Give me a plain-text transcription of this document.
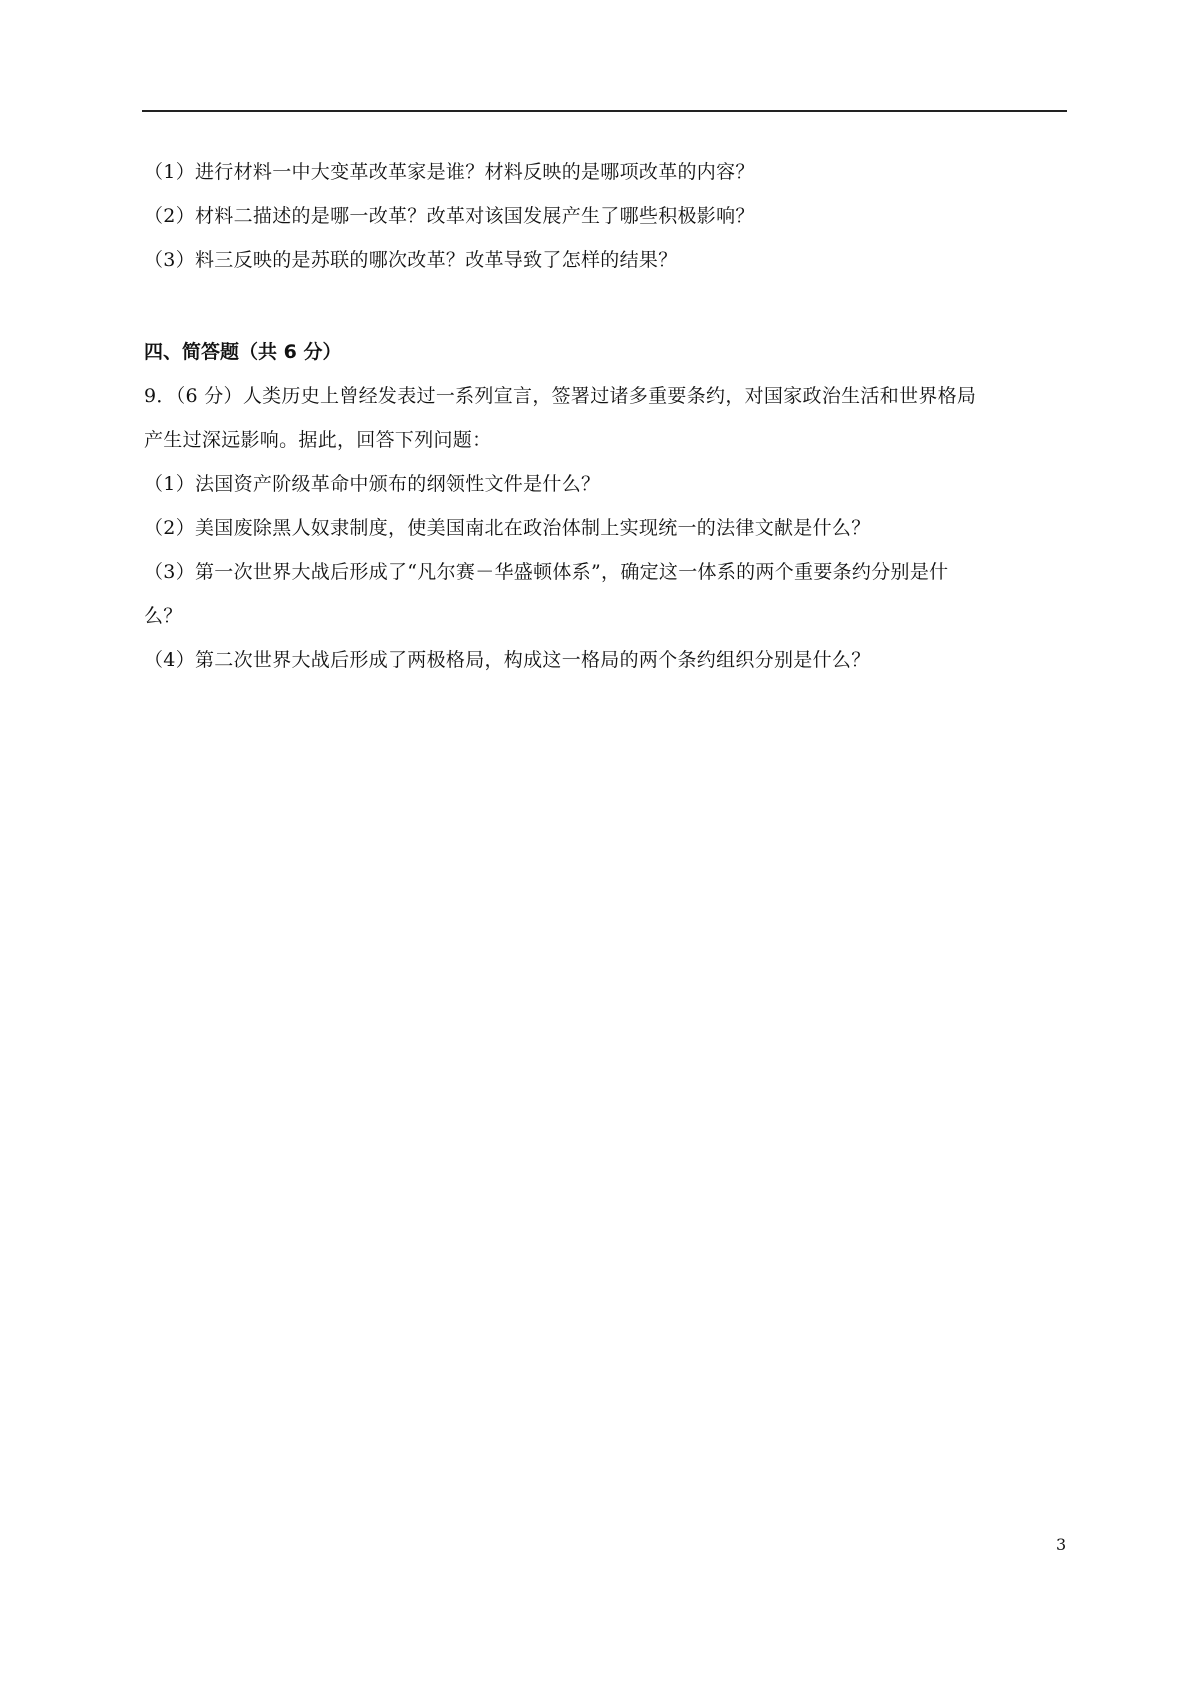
（1）进行材料一中大变革改革家是谁？材料反映的是哪项改革的内容？
（2）材料二描述的是哪一改革？改革对该国发展产生了哪些积极影响？
（3）料三反映的是苏联的哪次改革？改革导致了怎样的结果？
四、简答题（共 6 分）
9．（6 分）人类历史上曾经发表过一系列宣言，签署过诸多重要条约，对国家政治生活和世界格局
产生过深远影响。据此，回答下列问题：
（1）法国资产阶级革命中颁布的纲领性文件是什么？
（2）美国废除黑人奴隶制度，使美国南北在政治体制上实现统一的法律文献是什么？
（3）第一次世界大战后形成了“凡尔赛－华盛顿体系”，确定这一体系的两个重要条约分别是什
么？
（4）第二次世界大战后形成了两极格局，构成这一格局的两个条约组织分别是什么？
3
